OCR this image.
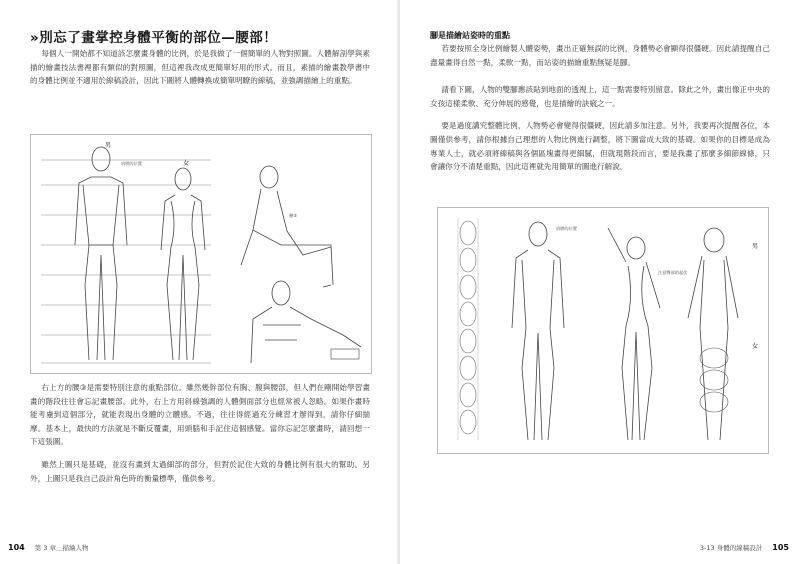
»別忘了畫掌控身體平衡的部位—腰部！

每個人一開始都不知道該怎麼畫身體的比例，於是我做了一個簡單的人物對照圖。人體解剖學與素描的繪畫技法書裡都有類似的對照圖，但這裡我改成更簡單好用的形式。而且，素描的繪畫教學書中的身體比例並不適用於線稿設計，因此下圖將人體轉換成簡單明瞭的線稿，並強調描繪上的重點。

男
女
腰③
肩膀的位置

右上方的腰③是需要特別注意的重點部位。雖然幾幹部位有胸、腹與腰部，但人們在剛開始學習畫畫的階段往往會忘記畫腰部。此外，右上方用斜線強調的人體側面部分也經常被人忽略。如果作畫時能考慮到這個部分，就能表現出身體的立體感。不過，往往得經過充分練習才辦得到，請你仔細揣摩。基本上，最快的方法就是不斷反覆畫，用頭腦和手記住這個感覺。當你忘記怎麼畫時，請回想一下這張圖。

雖然上圖只是基礎，並沒有畫到太過細部的部分，但對於記住大致的身體比例有很大的幫助。另外，上圖只是我自己設計角色時的衡量標準，僅供參考。

104 第 3 章＿描繪人物
腳是描繪站姿時的重點

若要按照全身比例繪製人體姿勢，畫出正確無誤的比例，身體勢必會顯得很僵硬。因此請提醒自己盡量畫得自然一點，柔軟一點，而站姿的描繪重點無疑是腳。

請看下圖，人物的雙腳應該貼到地面的透視上，這一點需要特別留意。除此之外，畫出像正中央的女孩這樣柔軟、充分伸展的感覺，也是描繪的訣竅之一。

要是過度講究整體比例，人物勢必會變得很僵硬，因此請多加注意。另外，我要再次提醒各位，本圖僅供參考，請你根據自己理想的人物比例進行調整，將下圖當成大致的基礎。如果你的目標是成為專業人士，就必須將線稿與各個區塊畫得更細膩，但就現階段而言，要是我畫了那麼多細節線條，只會讓你分不清楚重點，因此這裡就先用簡單的圖進行解說。

男
女
注意臀部的起伏
肩膀的位置
3-13 身體的線稿設計 105
